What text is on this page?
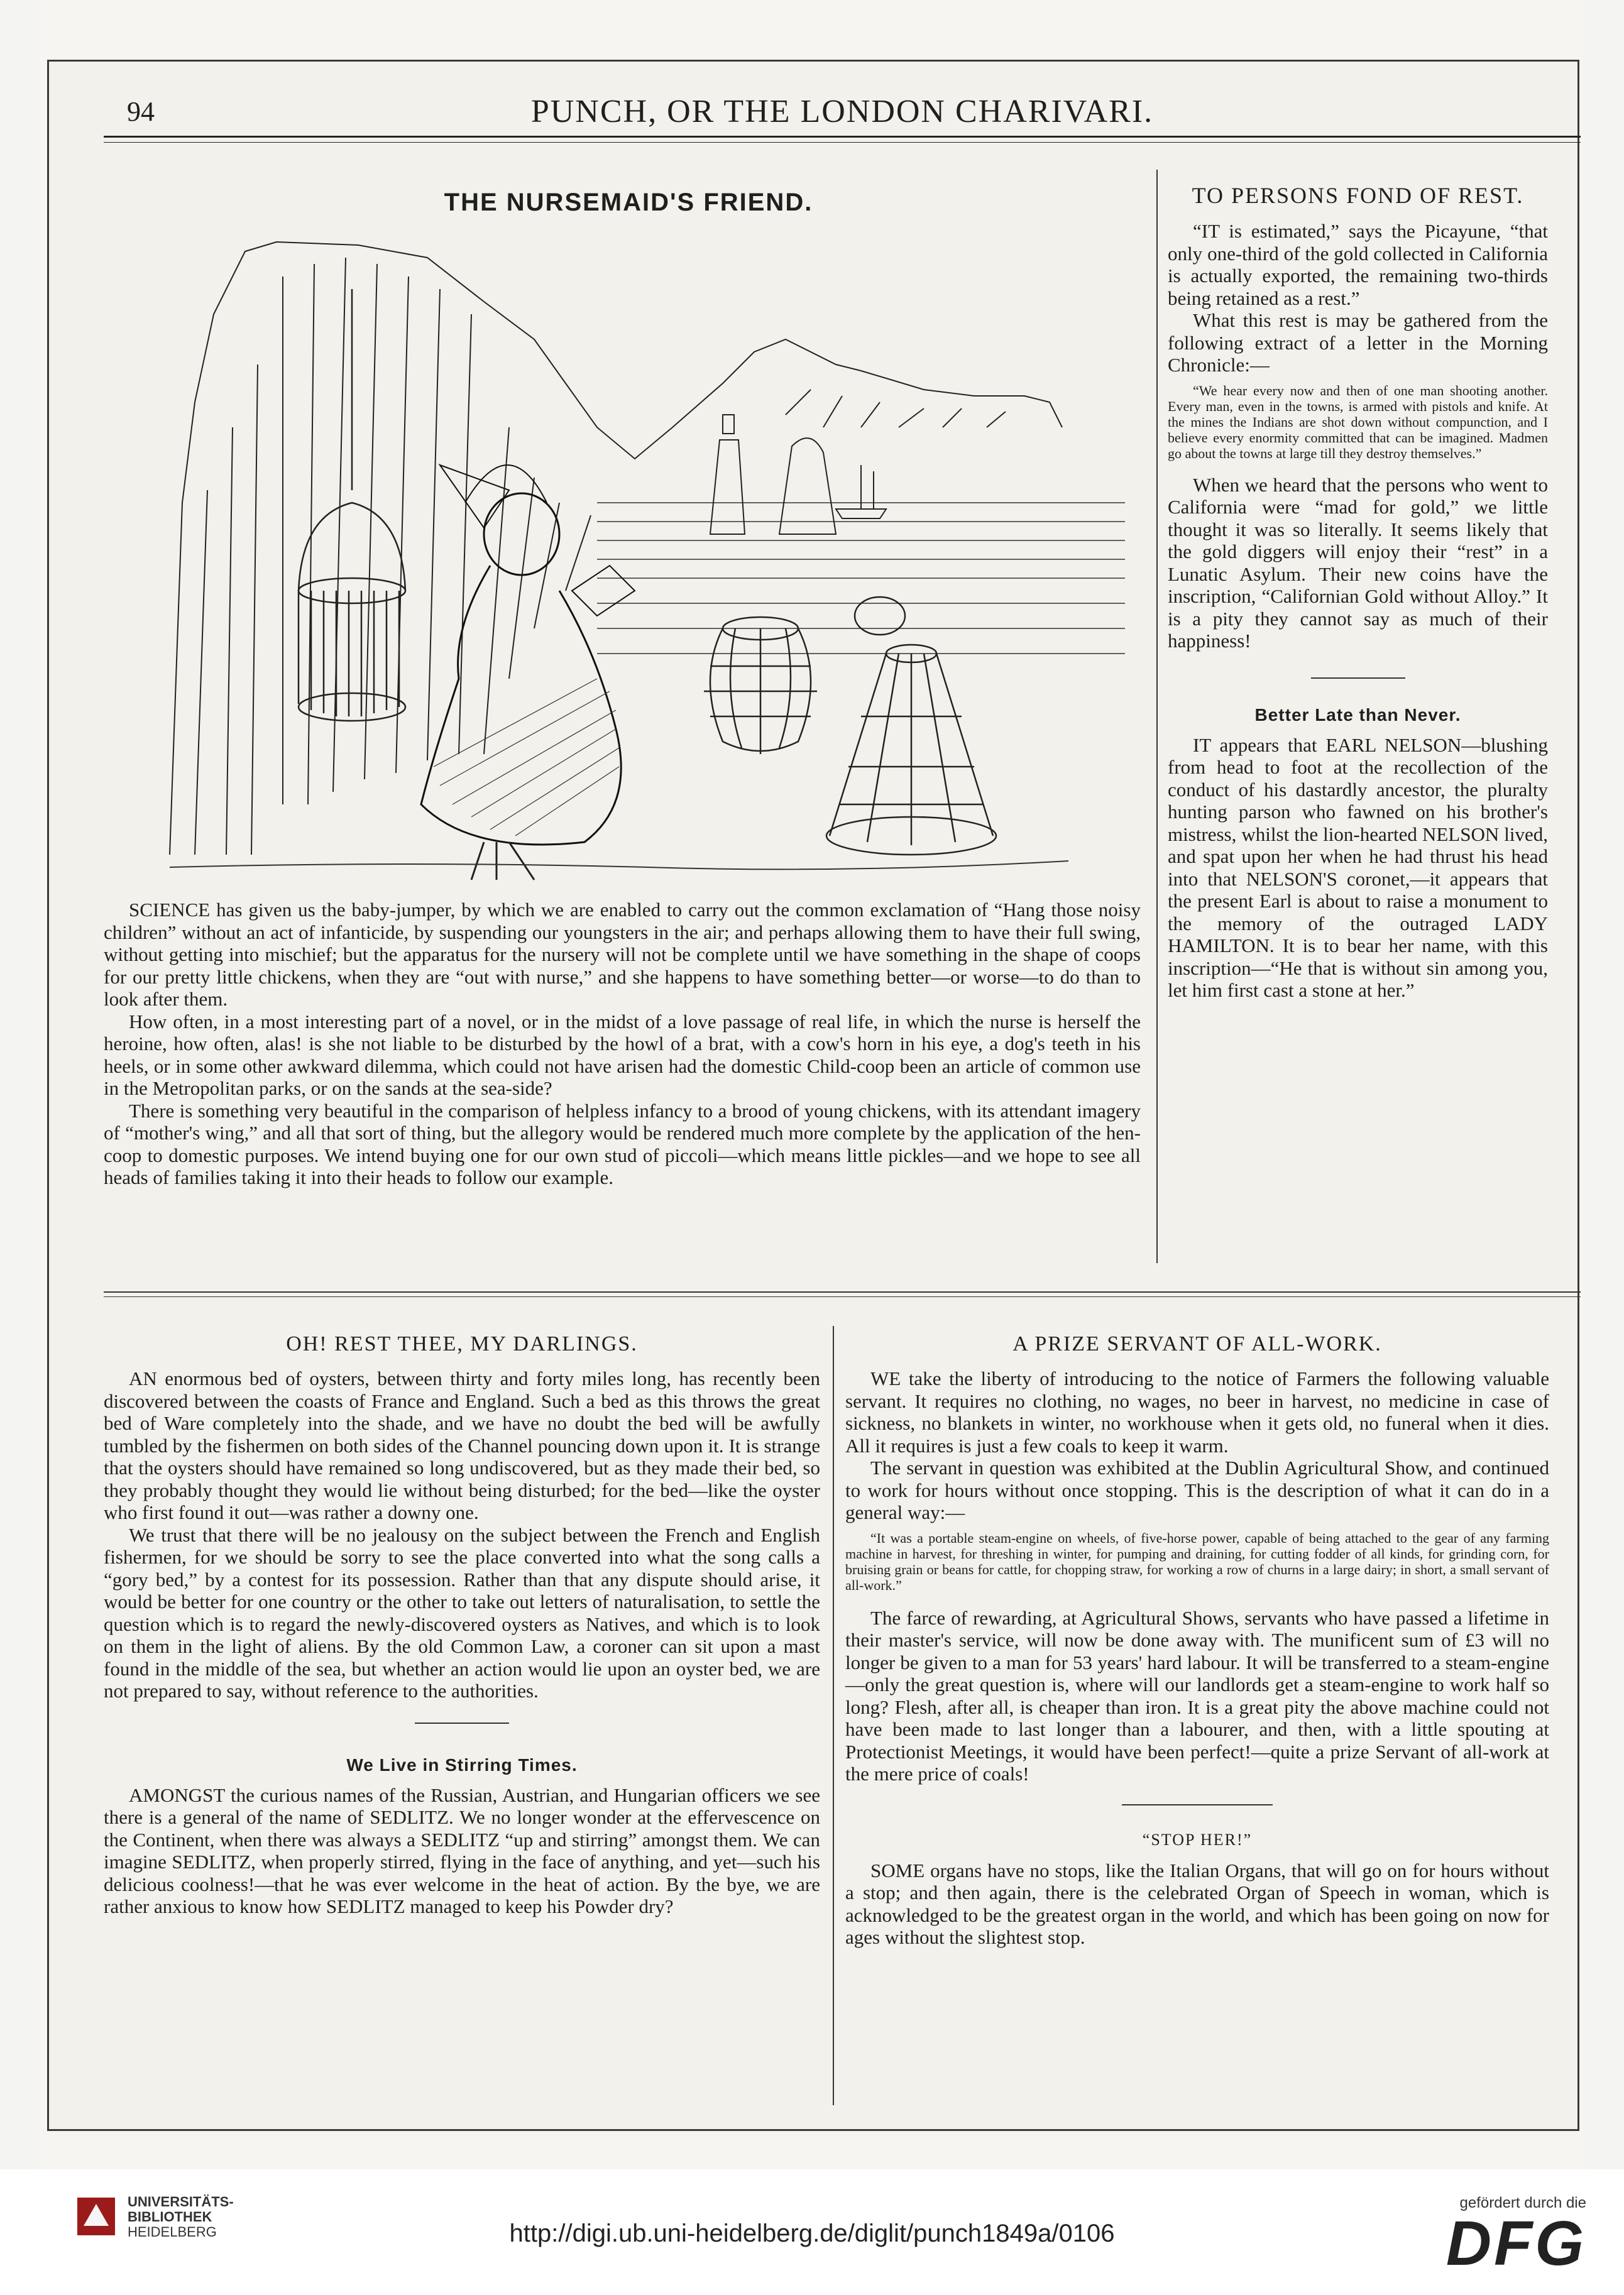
94	PUNCH, OR THE LONDON CHARIVARI.
THE NURSEMAID'S FRIEND.

SCIENCE has given us the baby-jumper, by which we are enabled to carry out the common exclamation of “Hang those noisy children” without an act of infanticide, by suspending our youngsters in the air; and perhaps allowing them to have their full swing, without getting into mischief; but the apparatus for the nursery will not be complete until we have something in the shape of coops for our pretty little chickens, when they are “out with nurse,” and she happens to have something better—or worse—to do than to look after them.

How often, in a most interesting part of a novel, or in the midst of a love passage of real life, in which the nurse is herself the heroine, how often, alas! is she not liable to be disturbed by the howl of a brat, with a cow's horn in his eye, a dog's teeth in his heels, or in some other awkward dilemma, which could not have arisen had the domestic Child-coop been an article of common use in the Metropolitan parks, or on the sands at the sea-side?

There is something very beautiful in the comparison of helpless infancy to a brood of young chickens, with its attendant imagery of “mother's wing,” and all that sort of thing, but the allegory would be rendered much more complete by the application of the hen-coop to domestic purposes. We intend buying one for our own stud of piccoli—which means little pickles—and we hope to see all heads of families taking it into their heads to follow our example.

TO PERSONS FOND OF REST.

“IT is estimated,” says the Picayune, “that only one-third of the gold collected in California is actually exported, the remaining two-thirds being retained as a rest.”

What this rest is may be gathered from the following extract of a letter in the Morning Chronicle:—

“We hear every now and then of one man shooting another. Every man, even in the towns, is armed with pistols and knife. At the mines the Indians are shot down without compunction, and I believe every enormity committed that can be imagined. Madmen go about the towns at large till they destroy themselves.”

When we heard that the persons who went to California were “mad for gold,” we little thought it was so literally. It seems likely that the gold diggers will enjoy their “rest” in a Lunatic Asylum. Their new coins have the inscription, “Californian Gold without Alloy.” It is a pity they cannot say as much of their happiness!

Better Late than Never.

IT appears that EARL NELSON—blushing from head to foot at the recollection of the conduct of his dastardly ancestor, the pluralty hunting parson who fawned on his brother's mistress, whilst the lion-hearted NELSON lived, and spat upon her when he had thrust his head into that NELSON'S coronet,—it appears that the present Earl is about to raise a monument to the memory of the outraged LADY HAMILTON. It is to bear her name, with this inscription—“He that is without sin among you, let him first cast a stone at her.”

OH! REST THEE, MY DARLINGS.

AN enormous bed of oysters, between thirty and forty miles long, has recently been discovered between the coasts of France and England. Such a bed as this throws the great bed of Ware completely into the shade, and we have no doubt the bed will be awfully tumbled by the fishermen on both sides of the Channel pouncing down upon it. It is strange that the oysters should have remained so long undiscovered, but as they made their bed, so they probably thought they would lie without being disturbed; for the bed—like the oyster who first found it out—was rather a downy one.

We trust that there will be no jealousy on the subject between the French and English fishermen, for we should be sorry to see the place converted into what the song calls a “gory bed,” by a contest for its possession. Rather than that any dispute should arise, it would be better for one country or the other to take out letters of naturalisation, to settle the question which is to regard the newly-discovered oysters as Natives, and which is to look on them in the light of aliens. By the old Common Law, a coroner can sit upon a mast found in the middle of the sea, but whether an action would lie upon an oyster bed, we are not prepared to say, without reference to the authorities.

We Live in Stirring Times.

AMONGST the curious names of the Russian, Austrian, and Hungarian officers we see there is a general of the name of SEDLITZ. We no longer wonder at the effervescence on the Continent, when there was always a SEDLITZ “up and stirring” amongst them. We can imagine SEDLITZ, when properly stirred, flying in the face of anything, and yet—such his delicious coolness!—that he was ever welcome in the heat of action. By the bye, we are rather anxious to know how SEDLITZ managed to keep his Powder dry?

A PRIZE SERVANT OF ALL-WORK.

WE take the liberty of introducing to the notice of Farmers the following valuable servant. It requires no clothing, no wages, no beer in harvest, no medicine in case of sickness, no blankets in winter, no workhouse when it gets old, no funeral when it dies. All it requires is just a few coals to keep it warm.

The servant in question was exhibited at the Dublin Agricultural Show, and continued to work for hours without once stopping. This is the description of what it can do in a general way:—

“It was a portable steam-engine on wheels, of five-horse power, capable of being attached to the gear of any farming machine in harvest, for threshing in winter, for pumping and draining, for cutting fodder of all kinds, for grinding corn, for bruising grain or beans for cattle, for chopping straw, for working a row of churns in a large dairy; in short, a small servant of all-work.”

The farce of rewarding, at Agricultural Shows, servants who have passed a lifetime in their master's service, will now be done away with. The munificent sum of £3 will no longer be given to a man for 53 years' hard labour. It will be transferred to a steam-engine—only the great question is, where will our landlords get a steam-engine to work half so long? Flesh, after all, is cheaper than iron. It is a great pity the above machine could not have been made to last longer than a labourer, and then, with a little spouting at Protectionist Meetings, it would have been perfect!—quite a prize Servant of all-work at the mere price of coals!

“STOP HER!”

SOME organs have no stops, like the Italian Organs, that will go on for hours without a stop; and then again, there is the celebrated Organ of Speech in woman, which is acknowledged to be the greatest organ in the world, and which has been going on now for ages without the slightest stop.

UNIVERSITÄTS-
BIBLIOTHEK
HEIDELBERG	http://digi.ub.uni-heidelberg.de/diglit/punch1849a/0106
gefördert durch die
DFG
